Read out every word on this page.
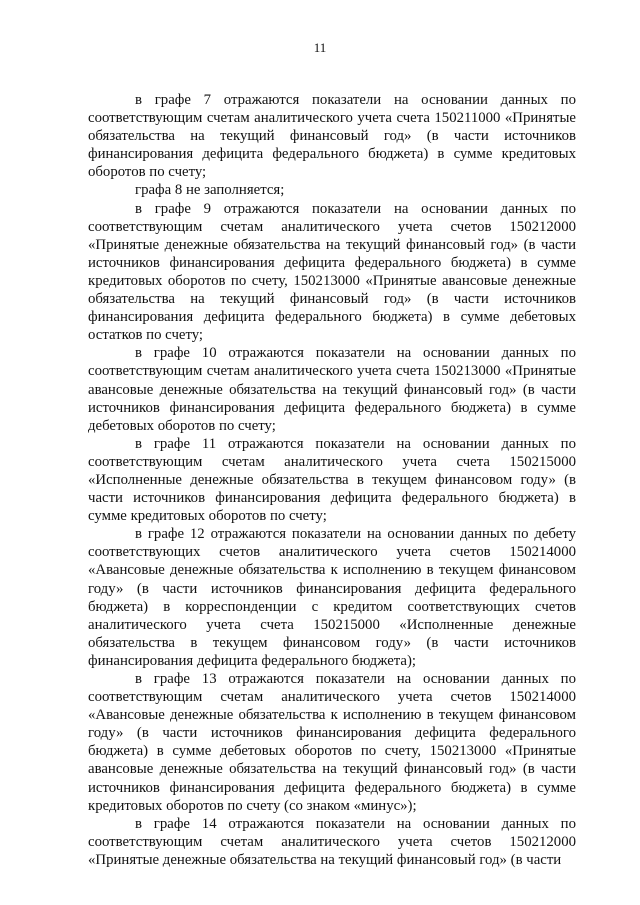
11

в графе 7 отражаются показатели на основании данных по соответствующим счетам аналитического учета счета 150211000 «Принятые обязательства на текущий финансовый год» (в части источников финансирования дефицита федерального бюджета) в сумме кредитовых оборотов по счету;

графа 8 не заполняется;

в графе 9 отражаются показатели на основании данных по соответствующим счетам аналитического учета счетов 150212000 «Принятые денежные обязательства на текущий финансовый год» (в части источников финансирования дефицита федерального бюджета) в сумме кредитовых оборотов по счету, 150213000 «Принятые авансовые денежные обязательства на текущий финансовый год» (в части источников финансирования дефицита федерального бюджета) в сумме дебетовых остатков по счету;

в графе 10 отражаются показатели на основании данных по соответствующим счетам аналитического учета счета 150213000 «Принятые авансовые денежные обязательства на текущий финансовый год» (в части источников финансирования дефицита федерального бюджета) в сумме дебетовых оборотов по счету;

в графе 11 отражаются показатели на основании данных по соответствующим счетам аналитического учета счета 150215000 «Исполненные денежные обязательства в текущем финансовом году» (в части источников финансирования дефицита федерального бюджета) в сумме кредитовых оборотов по счету;

в графе 12 отражаются показатели на основании данных по дебету соответствующих счетов аналитического учета счетов 150214000 «Авансовые денежные обязательства к исполнению в текущем финансовом году» (в части источников финансирования дефицита федерального бюджета) в корреспонденции с кредитом соответствующих счетов аналитического учета счета 150215000 «Исполненные денежные обязательства в текущем финансовом году» (в части источников финансирования дефицита федерального бюджета);

в графе 13 отражаются показатели на основании данных по соответствующим счетам аналитического учета счетов 150214000 «Авансовые денежные обязательства к исполнению в текущем финансовом году» (в части источников финансирования дефицита федерального бюджета) в сумме дебетовых оборотов по счету, 150213000 «Принятые авансовые денежные обязательства на текущий финансовый год» (в части источников финансирования дефицита федерального бюджета) в сумме кредитовых оборотов по счету (со знаком «минус»);

в графе 14 отражаются показатели на основании данных по соответствующим счетам аналитического учета счетов 150212000 «Принятые денежные обязательства на текущий финансовый год» (в части
